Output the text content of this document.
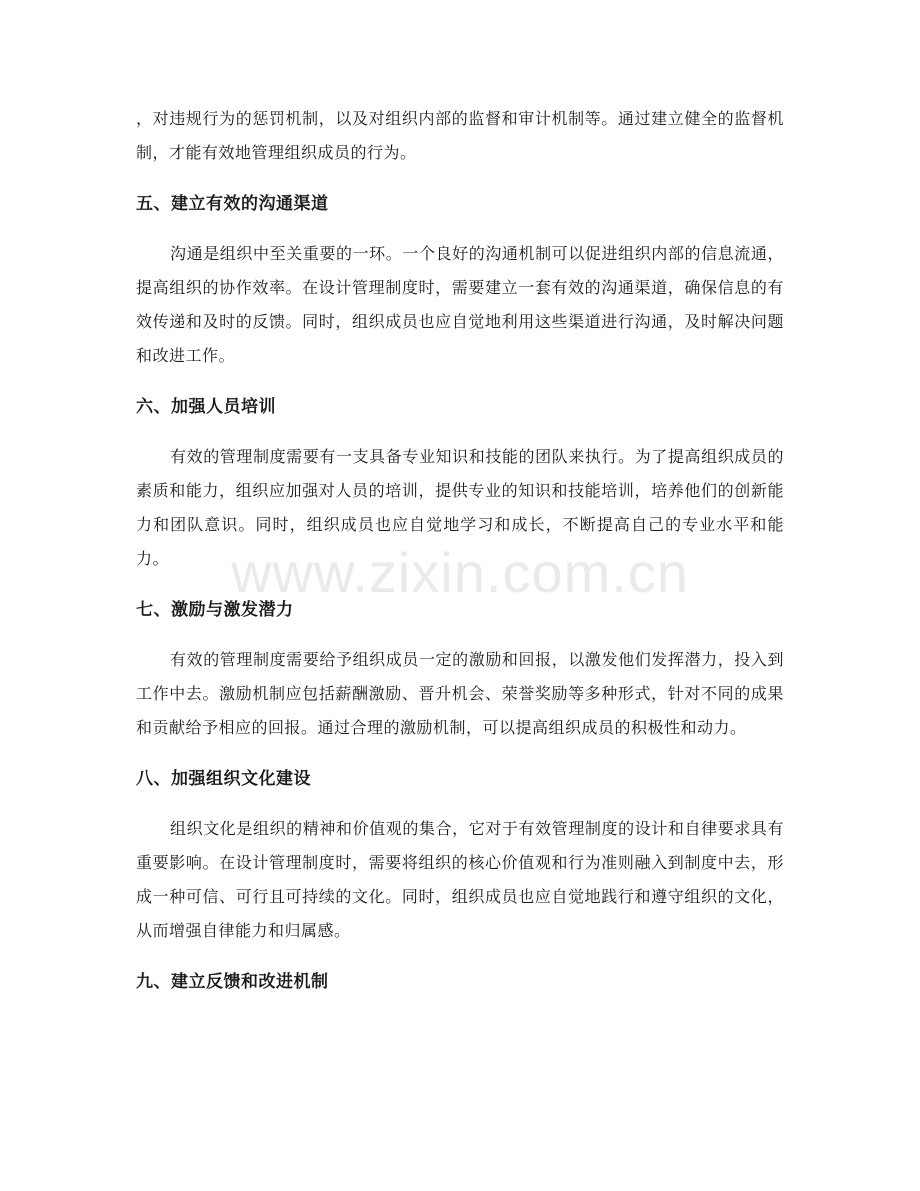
，对违规行为的惩罚机制，以及对组织内部的监督和审计机制等。通过建立健全的监督机制，才能有效地管理组织成员的行为。

五、建立有效的沟通渠道

沟通是组织中至关重要的一环。一个良好的沟通机制可以促进组织内部的信息流通，提高组织的协作效率。在设计管理制度时，需要建立一套有效的沟通渠道，确保信息的有效传递和及时的反馈。同时，组织成员也应自觉地利用这些渠道进行沟通，及时解决问题和改进工作。

六、加强人员培训

有效的管理制度需要有一支具备专业知识和技能的团队来执行。为了提高组织成员的素质和能力，组织应加强对人员的培训，提供专业的知识和技能培训，培养他们的创新能力和团队意识。同时，组织成员也应自觉地学习和成长，不断提高自己的专业水平和能力。

七、激励与激发潜力

有效的管理制度需要给予组织成员一定的激励和回报，以激发他们发挥潜力，投入到工作中去。激励机制应包括薪酬激励、晋升机会、荣誉奖励等多种形式，针对不同的成果和贡献给予相应的回报。通过合理的激励机制，可以提高组织成员的积极性和动力。

八、加强组织文化建设

组织文化是组织的精神和价值观的集合，它对于有效管理制度的设计和自律要求具有重要影响。在设计管理制度时，需要将组织的核心价值观和行为准则融入到制度中去，形成一种可信、可行且可持续的文化。同时，组织成员也应自觉地践行和遵守组织的文化，从而增强自律能力和归属感。

九、建立反馈和改进机制
www.zixin.com.cn
